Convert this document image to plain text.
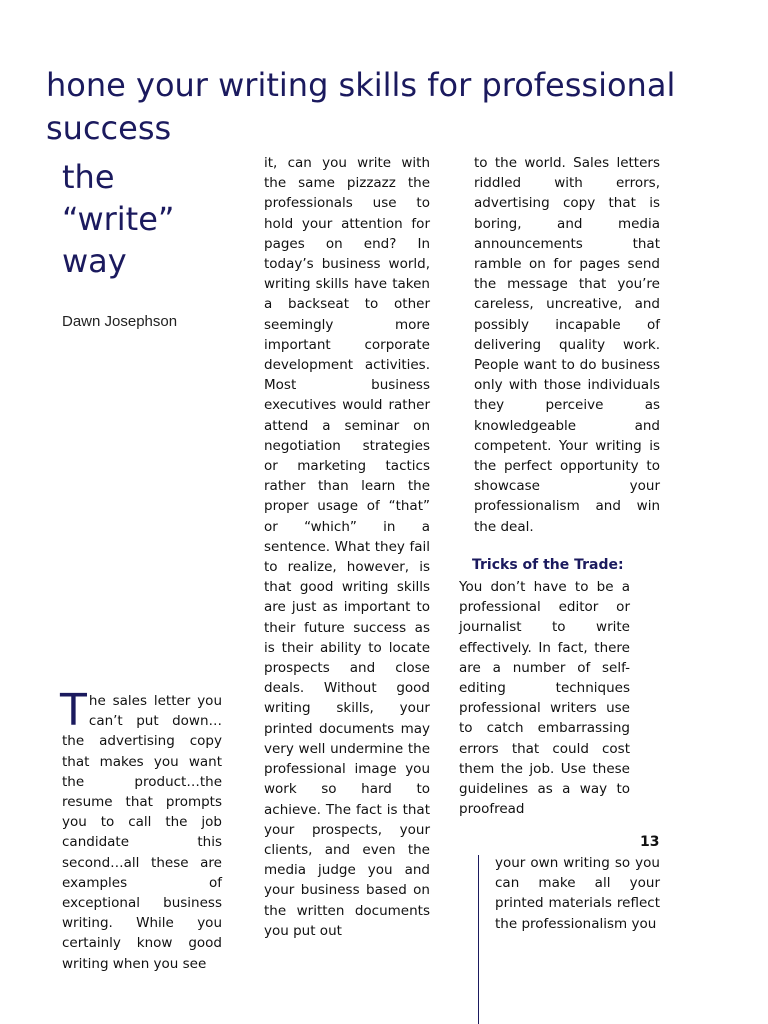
hone your writing skills for professional success
the “write” way
Dawn Josephson

The sales letter you can’t put down… the advertising copy that makes you want the product…the resume that prompts you to call the job candidate this second…all these are examples of exceptional business writing. While you certainly know good writing when you see

it, can you write with the same pizzazz the professionals use to hold your attention for pages on end? In today’s business world, writing skills have taken a backseat to other seemingly more important corporate development activities. Most business executives would rather attend a seminar on negotiation strategies or marketing tactics rather than learn the proper usage of “that” or “which” in a sentence. What they fail to realize, however, is that good writing skills are just as important to their future success as is their ability to locate prospects and close deals. Without good writing skills, your printed documents may very well undermine the professional image you work so hard to achieve. The fact is that your prospects, your clients, and even the media judge you and your business based on the written documents you put out

to the world. Sales letters riddled with errors, advertising copy that is boring, and media announcements that ramble on for pages send the message that you’re careless, uncreative, and possibly incapable of delivering quality work. People want to do business only with those individuals they perceive as knowledgeable and competent. Your writing is the perfect opportunity to showcase your professionalism and win the deal.

Tricks of the Trade:

You don’t have to be a professional editor or journalist to write effectively. In fact, there are a number of self-editing techniques professional writers use to catch embarrassing errors that could cost them the job. Use these guidelines as a way to proofread

13

your own writing so you can make all your printed materials reflect the professionalism you
